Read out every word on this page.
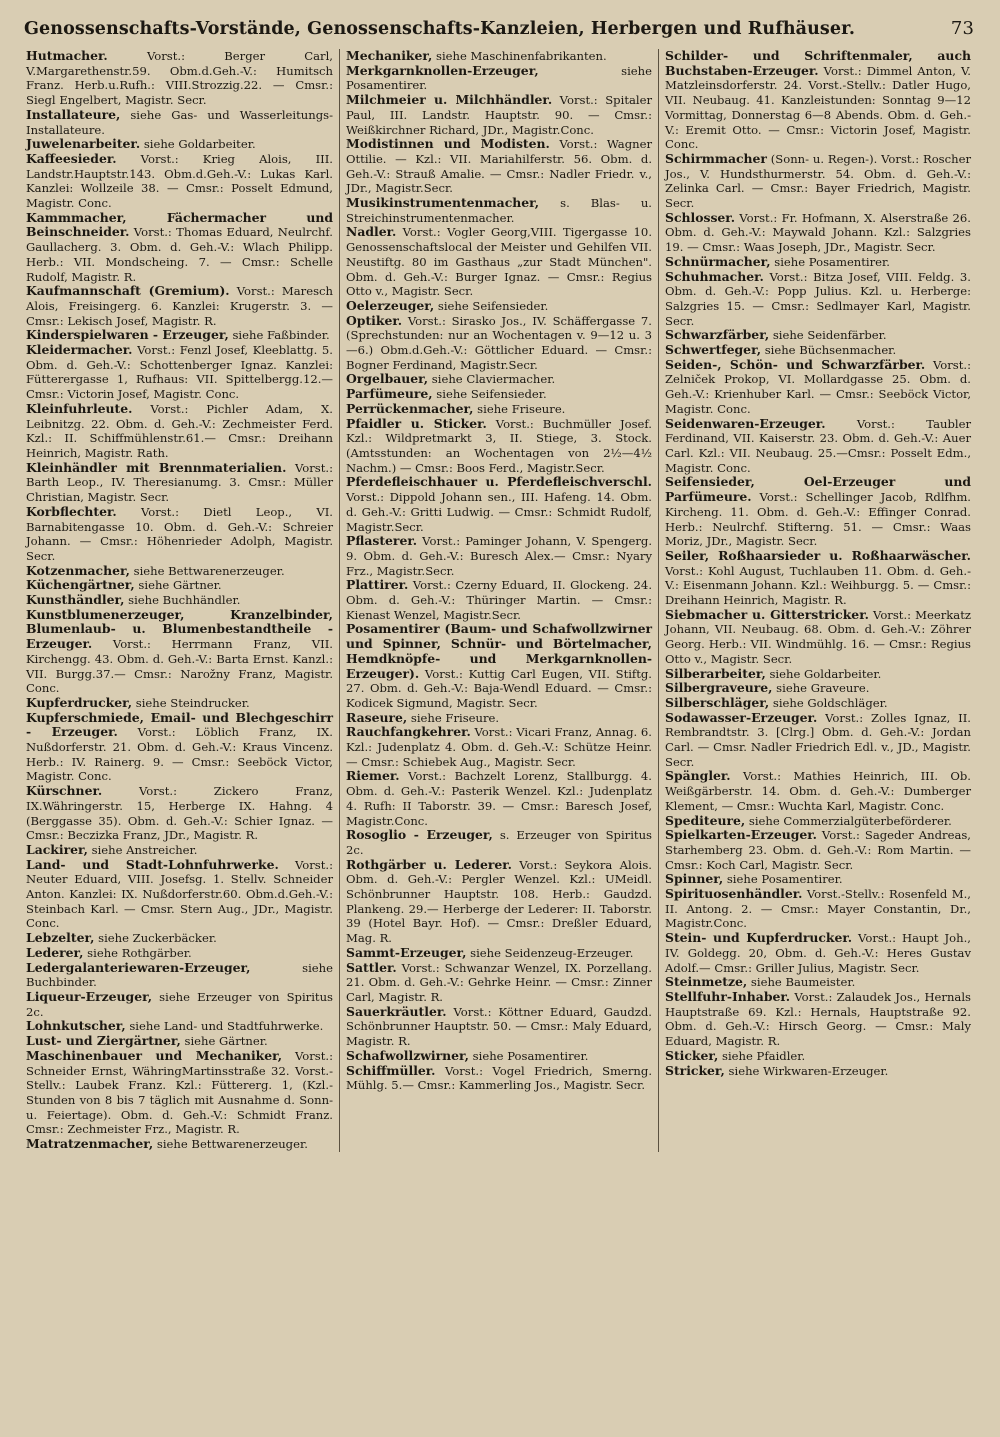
Genossenschafts-Vorstände, Genossenschafts-Kanzleien, Herbergen und Rufhäuser.	73

Hutmacher. Vorst.: Berger Carl, V.Margarethenstr.59. Obm.d.Geh.-V.: Humitsch Franz. Herb.u.Rufh.: VIII.Strozzig.22. — Cmsr.: Siegl Engelbert, Magistr. Secr.

Installateure, siehe Gas- und Wasserleitungs-Installateure.

Juwelenarbeiter. siehe Goldarbeiter.

Kaffeesieder. Vorst.: Krieg Alois, III. Landstr.Hauptstr.143. Obm.d.Geh.-V.: Lukas Karl. Kanzlei: Wollzeile 38. — Cmsr.: Posselt Edmund, Magistr. Conc.

Kammmacher, Fächermacher und Beinschneider. Vorst.: Thomas Eduard, Neulrchf. Gaullacherg. 3. Obm. d. Geh.-V.: Wlach Philipp. Herb.: VII. Mondscheing. 7. — Cmsr.: Schelle Rudolf, Magistr. R.

Kaufmannschaft (Gremium). Vorst.: Maresch Alois, Freisingerg. 6. Kanzlei: Krugerstr. 3. — Cmsr.: Lekisch Josef, Magistr. R.

Kinderspielwaren - Erzeuger, siehe Faßbinder.

Kleidermacher. Vorst.: Fenzl Josef, Kleeblattg. 5. Obm. d. Geh.-V.: Schottenberger Ignaz. Kanzlei: Fütterergasse 1, Rufhaus: VII. Spittelbergg.12.—Cmsr.: Victorin Josef, Magistr. Conc.

Kleinfuhrleute. Vorst.: Pichler Adam, X. Leibnitzg. 22. Obm. d. Geh.-V.: Zechmeister Ferd. Kzl.: II. Schiffmühlenstr.61.— Cmsr.: Dreihann Heinrich, Magistr. Rath.

Kleinhändler mit Brennmaterialien. Vorst.: Barth Leop., IV. Theresianumg. 3. Cmsr.: Müller Christian, Magistr. Secr.

Korbflechter. Vorst.: Dietl Leop., VI. Barnabitengasse 10. Obm. d. Geh.-V.: Schreier Johann. — Cmsr.: Höhenrieder Adolph, Magistr. Secr.

Kotzenmacher, siehe Bettwarenerzeuger.

Küchengärtner, siehe Gärtner.

Kunsthändler, siehe Buchhändler.

Kunstblumenerzeuger, Kranzelbinder, Blumenlaub- u. Blumenbestandtheile - Erzeuger. Vorst.: Herrmann Franz, VII. Kirchengg. 43. Obm. d. Geh.-V.: Barta Ernst. Kanzl.: VII. Burgg.37.— Cmsr.: Narožny Franz, Magistr. Conc.

Kupferdrucker, siehe Steindrucker.

Kupferschmiede, Email- und Blechgeschirr - Erzeuger. Vorst.: Löblich Franz, IX. Nußdorferstr. 21. Obm. d. Geh.-V.: Kraus Vincenz. Herb.: IV. Rainerg. 9. — Cmsr.: Seeböck Victor, Magistr. Conc.

Kürschner. Vorst.: Zickero Franz, IX.Währingerstr. 15, Herberge IX. Hahng. 4 (Berggasse 35). Obm. d. Geh.-V.: Schier Ignaz. — Cmsr.: Beczizka Franz, JDr., Magistr. R.

Lackirer, siehe Anstreicher.

Land- und Stadt-Lohnfuhrwerke. Vorst.: Neuter Eduard, VIII. Josefsg. 1. Stellv. Schneider Anton. Kanzlei: IX. Nußdorferstr.60. Obm.d.Geh.-V.: Steinbach Karl. — Cmsr. Stern Aug., JDr., Magistr. Conc.

Lebzelter, siehe Zuckerbäcker.

Lederer, siehe Rothgärber.

Ledergalanteriewaren-Erzeuger, siehe Buchbinder.

Liqueur-Erzeuger, siehe Erzeuger von Spiritus 2c.

Lohnkutscher, siehe Land- und Stadtfuhrwerke.

Lust- und Ziergärtner, siehe Gärtner.

Maschinenbauer und Mechaniker, Vorst.: Schneider Ernst, WähringMartinsstraße 32. Vorst.-Stellv.: Laubek Franz. Kzl.: Füttererg. 1, (Kzl.-Stunden von 8 bis 7 täglich mit Ausnahme d. Sonn- u. Feiertage). Obm. d. Geh.-V.: Schmidt Franz. Cmsr.: Zechmeister Frz., Magistr. R.

Matratzenmacher, siehe Bettwarenerzeuger.

Mechaniker, siehe Maschinenfabrikanten.

Merkgarnknollen-Erzeuger, siehe Posamentirer.

Milchmeier u. Milchhändler. Vorst.: Spitaler Paul, III. Landstr. Hauptstr. 90. — Cmsr.: Weißkirchner Richard, JDr., Magistr.Conc.

Modistinnen und Modisten. Vorst.: Wagner Ottilie. — Kzl.: VII. Mariahilferstr. 56. Obm. d. Geh.-V.: Strauß Amalie. — Cmsr.: Nadler Friedr. v., JDr., Magistr.Secr.

Musikinstrumentenmacher, s. Blas- u. Streichinstrumentenmacher.

Nadler. Vorst.: Vogler Georg,VIII. Tigergasse 10. Genossenschaftslocal der Meister und Gehilfen VII. Neustiftg. 80 im Gasthaus „zur Stadt München". Obm. d. Geh.-V.: Burger Ignaz. — Cmsr.: Regius Otto v., Magistr. Secr.

Oelerzeuger, siehe Seifensieder.

Optiker. Vorst.: Sirasko Jos., IV. Schäffergasse 7. (Sprechstunden: nur an Wochentagen v. 9—12 u. 3—6.) Obm.d.Geh.-V.: Göttlicher Eduard. — Cmsr.: Bogner Ferdinand, Magistr.Secr.

Orgelbauer, siehe Claviermacher.

Parfümeure, siehe Seifensieder.

Perrückenmacher, siehe Friseure.

Pfaidler u. Sticker. Vorst.: Buchmüller Josef. Kzl.: Wildpretmarkt 3, II. Stiege, 3. Stock. (Amtsstunden: an Wochentagen von 2½—4½ Nachm.) — Cmsr.: Boos Ferd., Magistr.Secr.

Pferdefleischhauer u. Pferdefleischverschl. Vorst.: Dippold Johann sen., III. Hafeng. 14. Obm. d. Geh.-V.: Gritti Ludwig. — Cmsr.: Schmidt Rudolf, Magistr.Secr.

Pflasterer. Vorst.: Paminger Johann, V. Spengerg. 9. Obm. d. Geh.-V.: Buresch Alex.— Cmsr.: Nyary Frz., Magistr.Secr.

Plattirer. Vorst.: Czerny Eduard, II. Glockeng. 24. Obm. d. Geh.-V.: Thüringer Martin. — Cmsr.: Kienast Wenzel, Magistr.Secr.

Posamentirer (Baum- und Schafwollzwirner und Spinner, Schnür- und Börtelmacher, Hemdknöpfe- und Merkgarnknollen-Erzeuger). Vorst.: Kuttig Carl Eugen, VII. Stiftg. 27. Obm. d. Geh.-V.: Baja-Wendl Eduard. — Cmsr.: Kodicek Sigmund, Magistr. Secr.

Raseure, siehe Friseure.

Rauchfangkehrer. Vorst.: Vicari Franz, Annag. 6. Kzl.: Judenplatz 4. Obm. d. Geh.-V.: Schütze Heinr.— Cmsr.: Schiebek Aug., Magistr. Secr.

Riemer. Vorst.: Bachzelt Lorenz, Stallburgg. 4. Obm. d. Geh.-V.: Pasterik Wenzel. Kzl.: Judenplatz 4. Rufh: II Taborstr. 39. — Cmsr.: Baresch Josef, Magistr.Conc.

Rosoglio - Erzeuger, s. Erzeuger von Spiritus 2c.

Rothgärber u. Lederer. Vorst.: Seykora Alois. Obm. d. Geh.-V.: Pergler Wenzel. Kzl.: UMeidl. Schönbrunner Hauptstr. 108. Herb.: Gaudzd. Plankeng. 29.— Herberge der Lederer: II. Taborstr. 39 (Hotel Bayr. Hof). — Cmsr.: Dreßler Eduard, Mag. R.

Sammt-Erzeuger, siehe Seidenzeug-Erzeuger.

Sattler. Vorst.: Schwanzar Wenzel, IX. Porzellang. 21. Obm. d. Geh.-V.: Gehrke Heinr. — Cmsr.: Zinner Carl, Magistr. R.

Sauerkräutler. Vorst.: Köttner Eduard, Gaudzd. Schönbrunner Hauptstr. 50. — Cmsr.: Maly Eduard, Magistr. R.

Schafwollzwirner, siehe Posamentirer.

Schiffmüller. Vorst.: Vogel Friedrich, Smerng. Mühlg. 5.— Cmsr.: Kammerling Jos., Magistr. Secr.

Schilder- und Schriftenmaler, auch Buchstaben-Erzeuger. Vorst.: Dimmel Anton, V. Matzleinsdorferstr. 24. Vorst.-Stellv.: Datler Hugo, VII. Neubaug. 41. Kanzleistunden: Sonntag 9—12 Vormittag, Donnerstag 6—8 Abends. Obm. d. Geh.-V.: Eremit Otto. — Cmsr.: Victorin Josef, Magistr. Conc.

Schirmmacher (Sonn- u. Regen-). Vorst.: Roscher Jos., V. Hundsthurmerstr. 54. Obm. d. Geh.-V.: Zelinka Carl. — Cmsr.: Bayer Friedrich, Magistr. Secr.

Schlosser. Vorst.: Fr. Hofmann, X. Alserstraße 26. Obm. d. Geh.-V.: Maywald Johann. Kzl.: Salzgries 19. — Cmsr.: Waas Joseph, JDr., Magistr. Secr.

Schnürmacher, siehe Posamentirer.

Schuhmacher. Vorst.: Bitza Josef, VIII. Feldg. 3. Obm. d. Geh.-V.: Popp Julius. Kzl. u. Herberge: Salzgries 15. — Cmsr.: Sedlmayer Karl, Magistr. Secr.

Schwarzfärber, siehe Seidenfärber.

Schwertfeger, siehe Büchsenmacher.

Seiden-, Schön- und Schwarzfärber. Vorst.: Zelniček Prokop, VI. Mollardgasse 25. Obm. d. Geh.-V.: Krienhuber Karl. — Cmsr.: Seeböck Victor, Magistr. Conc.

Seidenwaren-Erzeuger. Vorst.: Taubler Ferdinand, VII. Kaiserstr. 23. Obm. d. Geh.-V.: Auer Carl. Kzl.: VII. Neubaug. 25.—Cmsr.: Posselt Edm., Magistr. Conc.

Seifensieder, Oel-Erzeuger und Parfümeure. Vorst.: Schellinger Jacob, Rdlfhm. Kircheng. 11. Obm. d. Geh.-V.: Effinger Conrad. Herb.: Neulrchf. Stifterng. 51. — Cmsr.: Waas Moriz, JDr., Magistr. Secr.

Seiler, Roßhaarsieder u. Roßhaarwäscher. Vorst.: Kohl August, Tuchlauben 11. Obm. d. Geh.-V.: Eisenmann Johann. Kzl.: Weihburgg. 5. — Cmsr.: Dreihann Heinrich, Magistr. R.

Siebmacher u. Gitterstricker. Vorst.: Meerkatz Johann, VII. Neubaug. 68. Obm. d. Geh.-V.: Zöhrer Georg. Herb.: VII. Windmühlg. 16. — Cmsr.: Regius Otto v., Magistr. Secr.

Silberarbeiter, siehe Goldarbeiter.

Silbergraveure, siehe Graveure.

Silberschläger, siehe Goldschläger.

Sodawasser-Erzeuger. Vorst.: Zolles Ignaz, II. Rembrandtstr. 3. [Clrg.] Obm. d. Geh.-V.: Jordan Carl. — Cmsr. Nadler Friedrich Edl. v., JD., Magistr. Secr.

Spängler. Vorst.: Mathies Heinrich, III. Ob. Weißgärberstr. 14. Obm. d. Geh.-V.: Dumberger Klement, — Cmsr.: Wuchta Karl, Magistr. Conc.

Spediteure, siehe Commerzialgüterbeförderer.

Spielkarten-Erzeuger. Vorst.: Sageder Andreas, Starhemberg 23. Obm. d. Geh.-V.: Rom Martin. —Cmsr.: Koch Carl, Magistr. Secr.

Spinner, siehe Posamentirer.

Spirituosenhändler. Vorst.-Stellv.: Rosenfeld M., II. Antong. 2. — Cmsr.: Mayer Constantin, Dr., Magistr.Conc.

Stein- und Kupferdrucker. Vorst.: Haupt Joh., IV. Goldegg. 20, Obm. d. Geh.-V.: Heres Gustav Adolf.— Cmsr.: Griller Julius, Magistr. Secr.

Steinmetze, siehe Baumeister.

Stellfuhr-Inhaber. Vorst.: Zalaudek Jos., Hernals Hauptstraße 69. Kzl.: Hernals, Hauptstraße 92. Obm. d. Geh.-V.: Hirsch Georg. — Cmsr.: Maly Eduard, Magistr. R.

Sticker, siehe Pfaidler.

Stricker, siehe Wirkwaren-Erzeuger.
